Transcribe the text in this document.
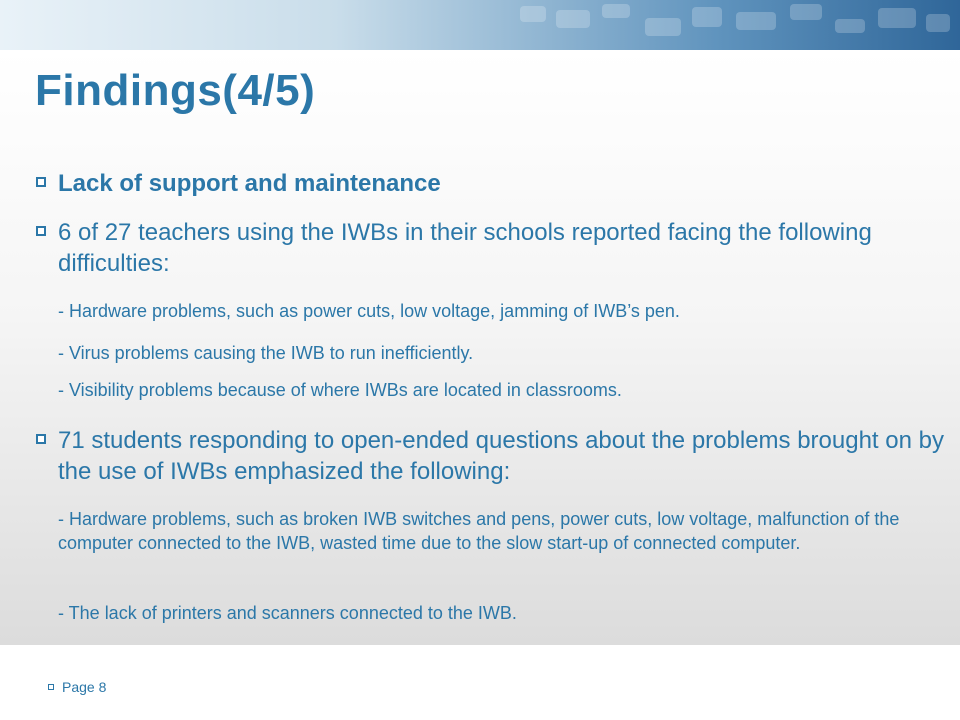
Findings(4/5)

Lack of support and maintenance

6 of 27 teachers using the IWBs in their schools reported facing the following difficulties:

- Hardware problems, such as power cuts, low voltage, jamming of IWB’s pen.

- Virus problems causing the IWB to run inefficiently.

- Visibility problems because of where IWBs are located in classrooms.

71 students responding to open-ended questions about the problems brought on by the use of IWBs emphasized the following:

- Hardware problems, such as broken IWB switches and pens, power cuts, low voltage, malfunction of the computer connected to the IWB, wasted time due to the slow start-up of connected computer.

- The lack of printers and scanners connected to the IWB.

Page 8
